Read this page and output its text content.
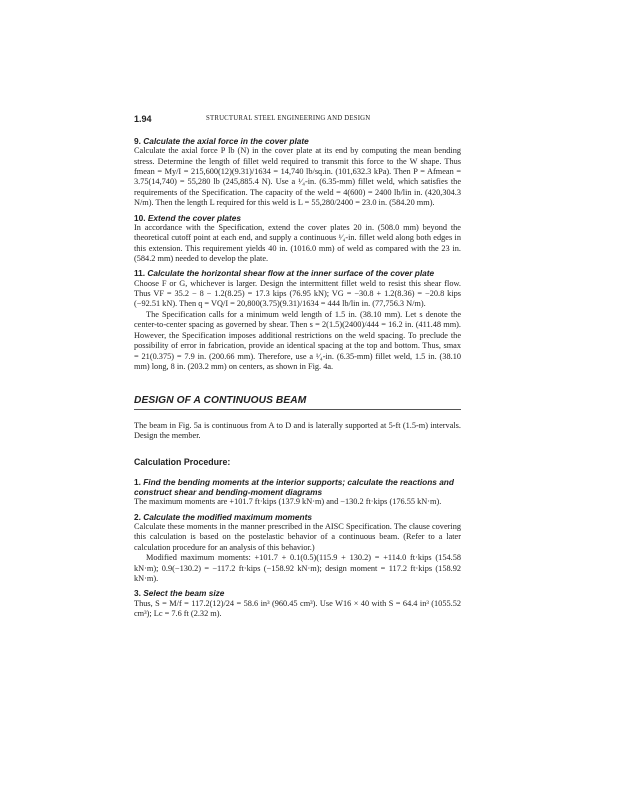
1.94	STRUCTURAL STEEL ENGINEERING AND DESIGN
9. Calculate the axial force in the cover plate

Calculate the axial force P lb (N) in the cover plate at its end by computing the mean bending stress. Determine the length of fillet weld required to transmit this force to the W shape. Thus fmean = My/I = 215,600(12)(9.31)/1634 = 14,740 lb/sq.in. (101,632.3 kPa). Then P = Afmean = 3.75(14,740) = 55,280 lb (245,885.4 N). Use a ¹⁄₄-in. (6.35-mm) fillet weld, which satisfies the requirements of the Specification. The capacity of the weld = 4(600) = 2400 lb/lin in. (420,304.3 N/m). Then the length L required for this weld is L = 55,280/2400 = 23.0 in. (584.20 mm).

10. Extend the cover plates

In accordance with the Specification, extend the cover plates 20 in. (508.0 mm) beyond the theoretical cutoff point at each end, and supply a continuous ¹⁄₄-in. fillet weld along both edges in this extension. This requirement yields 40 in. (1016.0 mm) of weld as compared with the 23 in. (584.2 mm) needed to develop the plate.

11. Calculate the horizontal shear flow at the inner surface of the cover plate

Choose F or G, whichever is larger. Design the intermittent fillet weld to resist this shear flow. Thus VF = 35.2 − 8 − 1.2(8.25) = 17.3 kips (76.95 kN); VG = −30.8 + 1.2(8.36) = −20.8 kips (−92.51 kN). Then q = VQ/I = 20,800(3.75)(9.31)/1634 = 444 lb/lin in. (77,756.3 N/m).

The Specification calls for a minimum weld length of 1.5 in. (38.10 mm). Let s denote the center-to-center spacing as governed by shear. Then s = 2(1.5)(2400)/444 = 16.2 in. (411.48 mm). However, the Specification imposes additional restrictions on the weld spacing. To preclude the possibility of error in fabrication, provide an identical spacing at the top and bottom. Thus, smax = 21(0.375) = 7.9 in. (200.66 mm). Therefore, use a ¹⁄₄-in. (6.35-mm) fillet weld, 1.5 in. (38.10 mm) long, 8 in. (203.2 mm) on centers, as shown in Fig. 4a.

DESIGN OF A CONTINUOUS BEAM

The beam in Fig. 5a is continuous from A to D and is laterally supported at 5-ft (1.5-m) intervals. Design the member.

Calculation Procedure:
1. Find the bending moments at the interior supports; calculate the reactions and construct shear and bending-moment diagrams

The maximum moments are +101.7 ft·kips (137.9 kN·m) and −130.2 ft·kips (176.55 kN·m).

2. Calculate the modified maximum moments

Calculate these moments in the manner prescribed in the AISC Specification. The clause covering this calculation is based on the postelastic behavior of a continuous beam. (Refer to a later calculation procedure for an analysis of this behavior.)

Modified maximum moments: +101.7 + 0.1(0.5)(115.9 + 130.2) = +114.0 ft·kips (154.58 kN·m); 0.9(−130.2) = −117.2 ft·kips (−158.92 kN·m); design moment = 117.2 ft·kips (158.92 kN·m).

3. Select the beam size

Thus, S = M/f = 117.2(12)/24 = 58.6 in³ (960.45 cm³). Use W16 × 40 with S = 64.4 in³ (1055.52 cm³); Lc = 7.6 ft (2.32 m).
